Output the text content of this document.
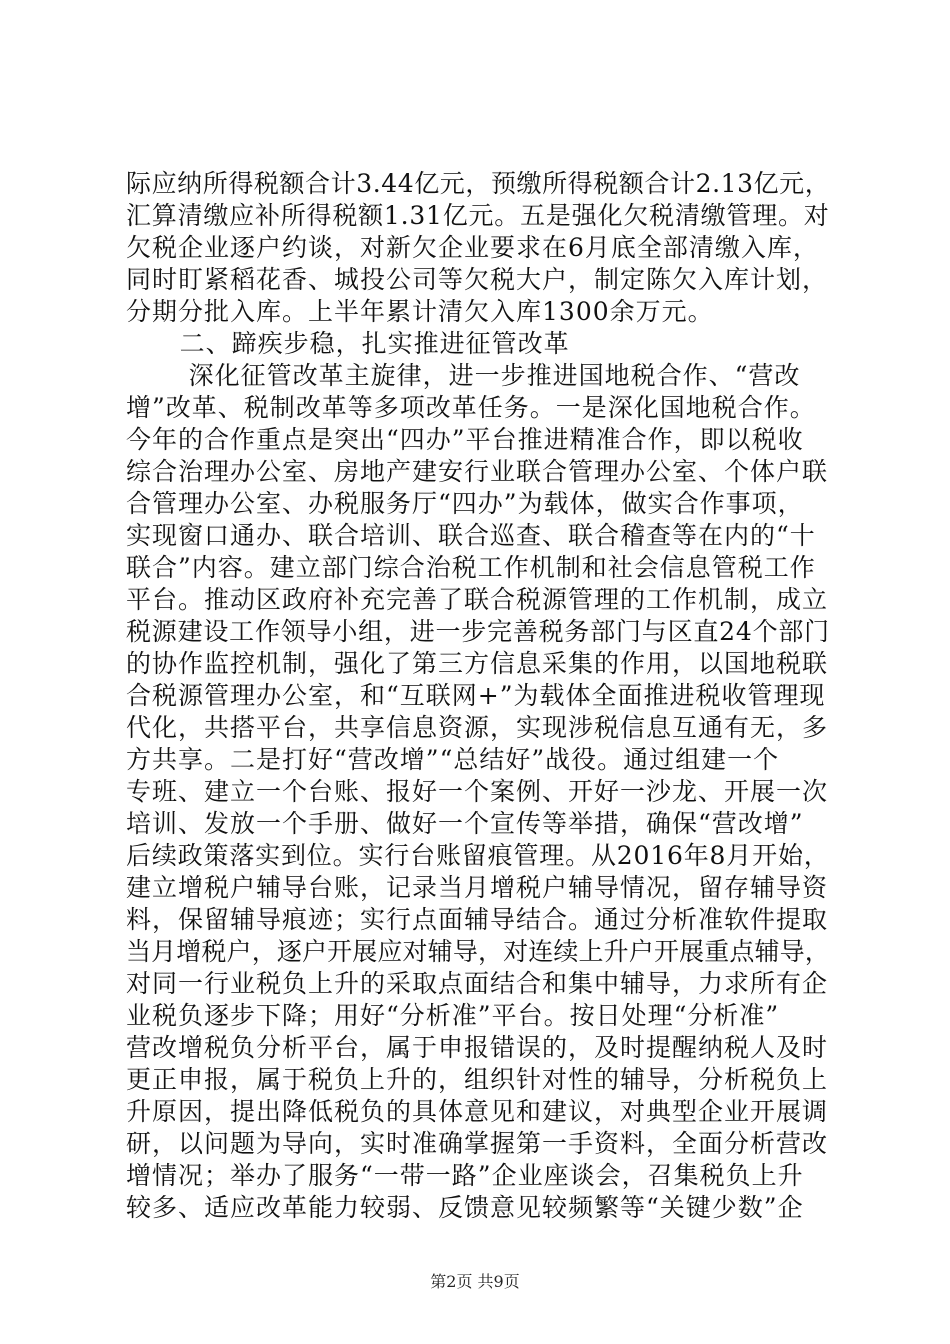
际应纳所得税额合计3.44亿元，预缴所得税额合计2.13亿元，
汇算清缴应补所得税额1.31亿元。五是强化欠税清缴管理。对
欠税企业逐户约谈，对新欠企业要求在6月底全部清缴入库，
同时盯紧稻花香、城投公司等欠税大户，制定陈欠入库计划，
分期分批入库。上半年累计清欠入库1300余万元。
二、蹄疾步稳，扎实推进征管改革
深化征管改革主旋律，进一步推进国地税合作、“营改
增”改革、税制改革等多项改革任务。一是深化国地税合作。
今年的合作重点是突出“四办”平台推进精准合作，即以税收
综合治理办公室、房地产建安行业联合管理办公室、个体户联
合管理办公室、办税服务厅“四办”为载体，做实合作事项，
实现窗口通办、联合培训、联合巡查、联合稽查等在内的“十
联合”内容。建立部门综合治税工作机制和社会信息管税工作
平台。推动区政府补充完善了联合税源管理的工作机制，成立
税源建设工作领导小组，进一步完善税务部门与区直24个部门
的协作监控机制，强化了第三方信息采集的作用，以国地税联
合税源管理办公室，和“互联网+”为载体全面推进税收管理现
代化，共搭平台，共享信息资源，实现涉税信息互通有无，多
方共享。二是打好“营改增”“总结好”战役。通过组建一个
专班、建立一个台账、报好一个案例、开好一沙龙、开展一次
培训、发放一个手册、做好一个宣传等举措，确保“营改增”
后续政策落实到位。实行台账留痕管理。从2016年8月开始，
建立增税户辅导台账，记录当月增税户辅导情况，留存辅导资
料，保留辅导痕迹；实行点面辅导结合。通过分析准软件提取
当月增税户，逐户开展应对辅导，对连续上升户开展重点辅导，
对同一行业税负上升的采取点面结合和集中辅导，力求所有企
业税负逐步下降；用好“分析准”平台。按日处理“分析准”
营改增税负分析平台，属于申报错误的，及时提醒纳税人及时
更正申报，属于税负上升的，组织针对性的辅导，分析税负上
升原因，提出降低税负的具体意见和建议，对典型企业开展调
研，以问题为导向，实时准确掌握第一手资料，全面分析营改
增情况；举办了服务“一带一路”企业座谈会，召集税负上升
较多、适应改革能力较弱、反馈意见较频繁等“关键少数”企
第2页 共9页
